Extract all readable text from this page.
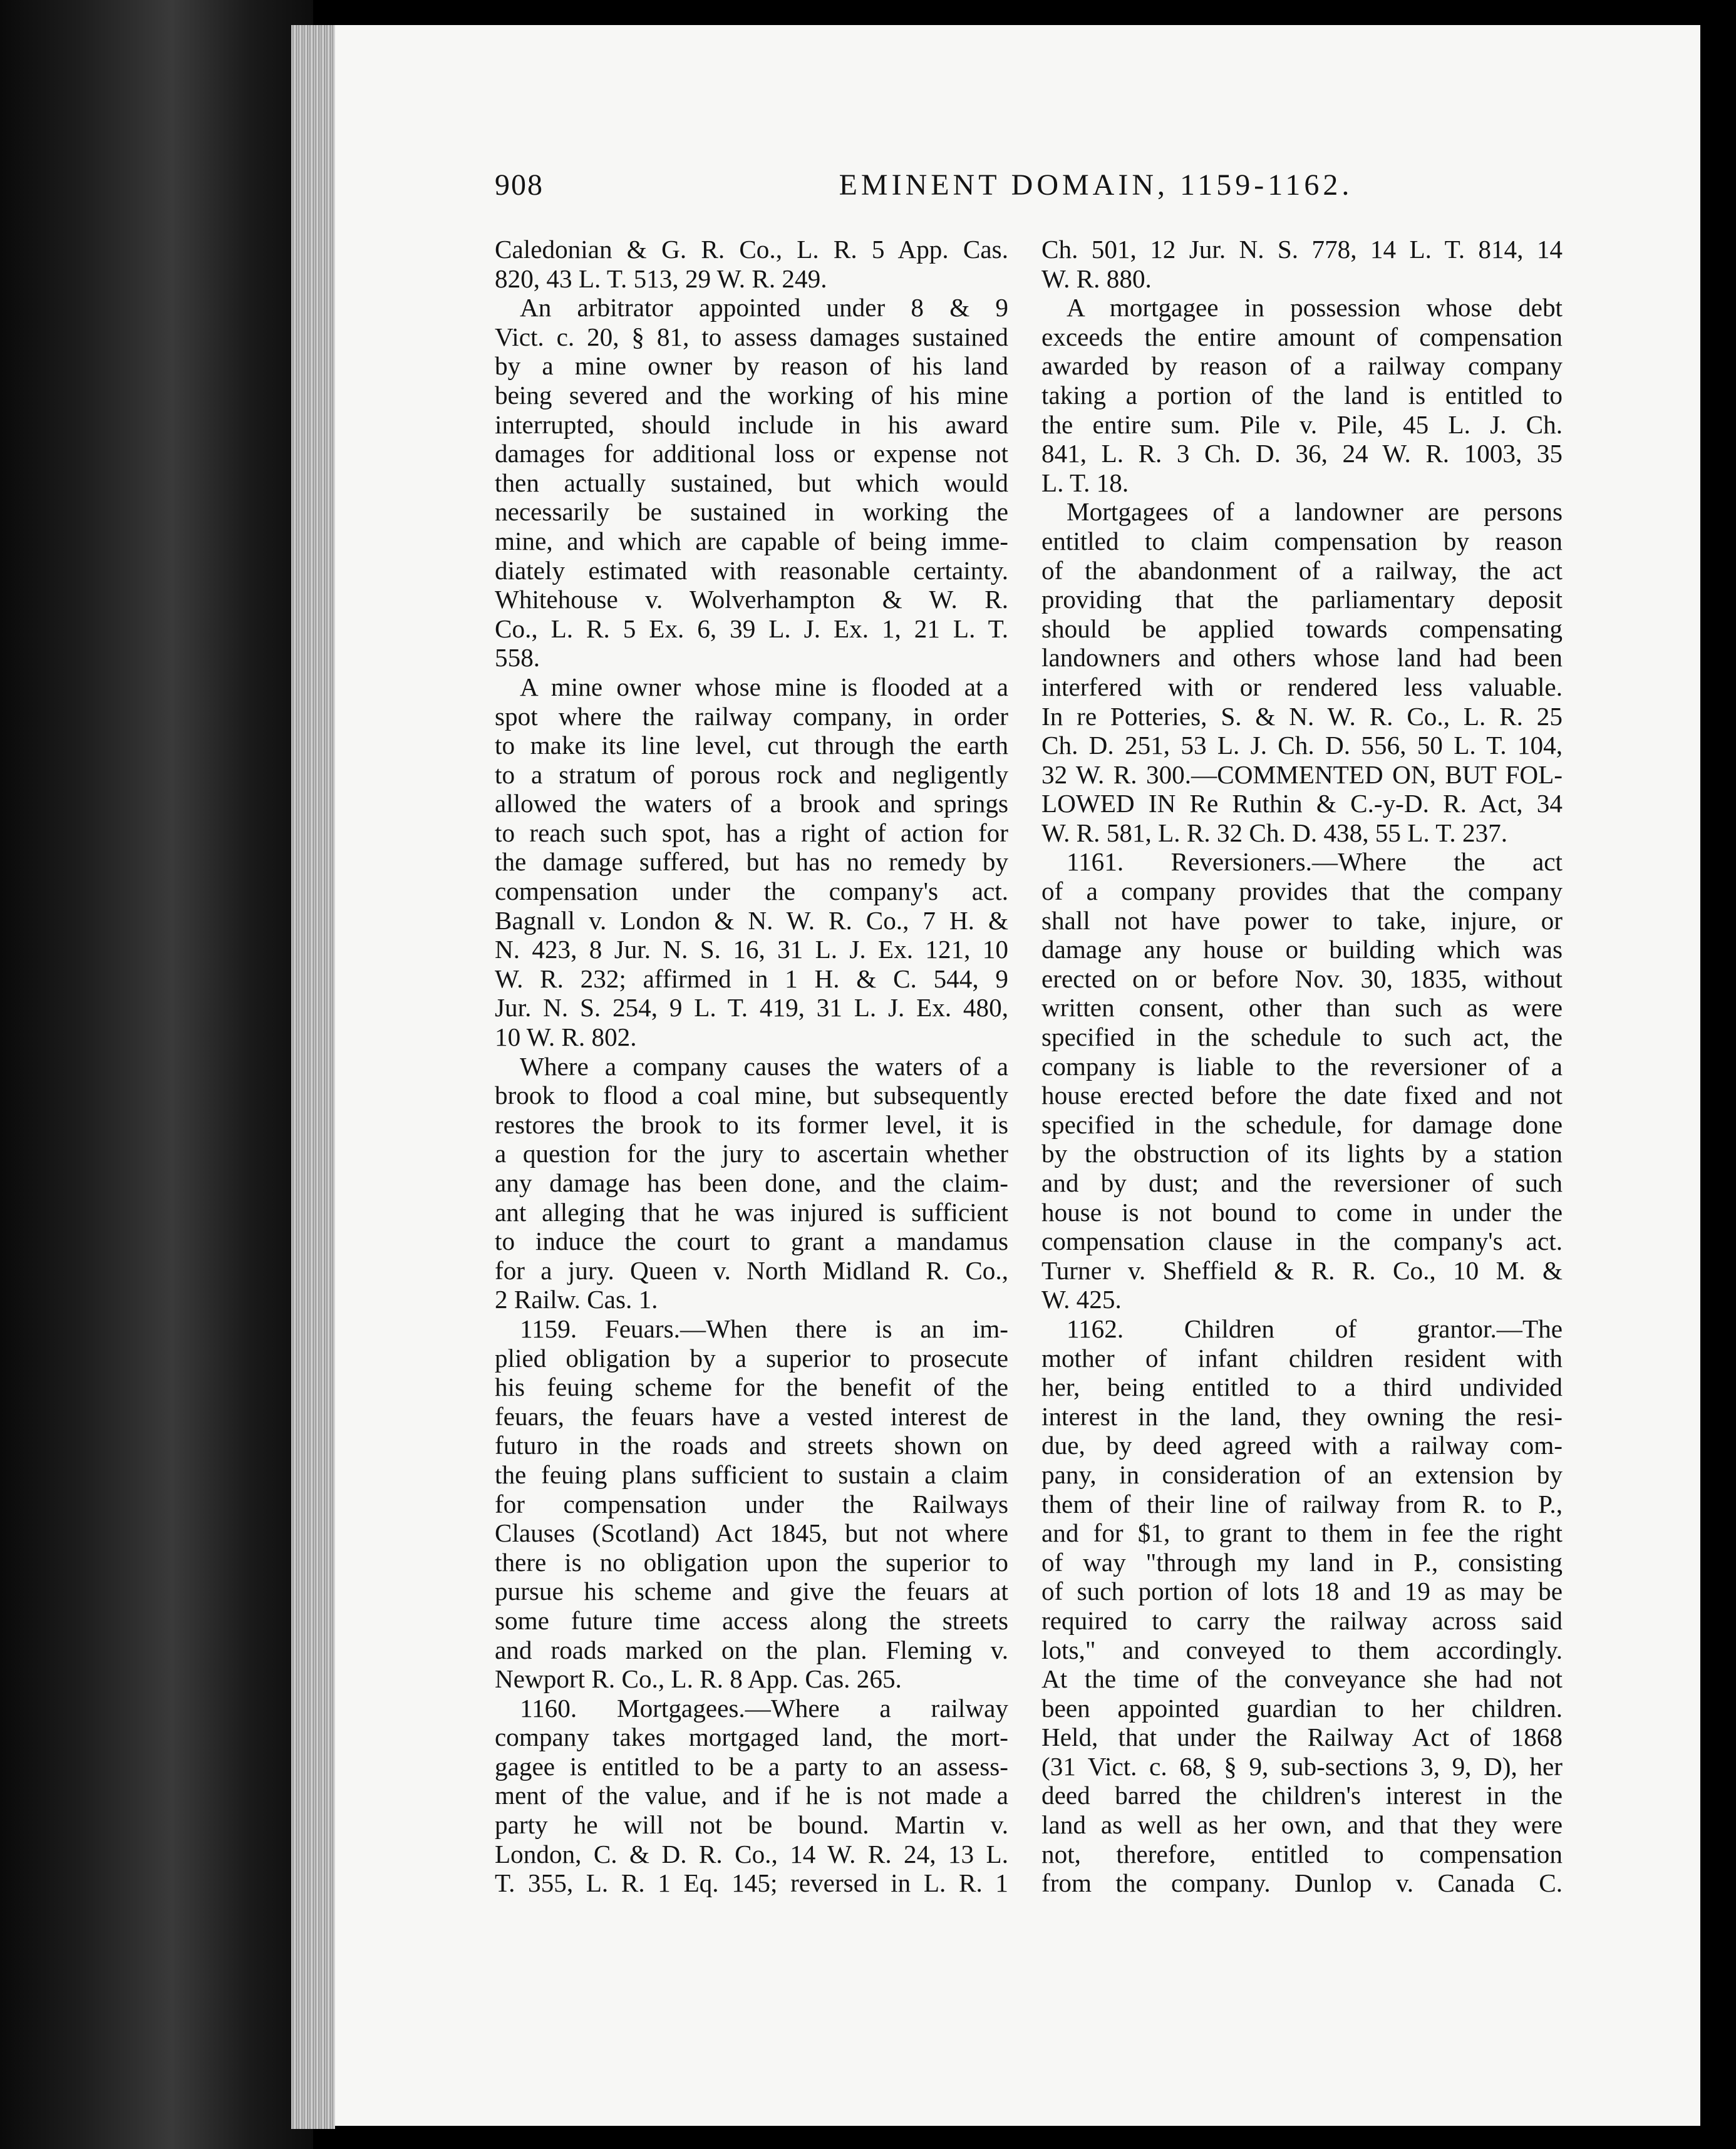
908	EMINENT DOMAIN, 1159-1162.
Caledonian & G. R. Co., L. R. 5 App. Cas.
820, 43 L. T. 513, 29 W. R. 249.
An arbitrator appointed under 8 & 9
Vict. c. 20, § 81, to assess damages sustained
by a mine owner by reason of his land
being severed and the working of his mine
interrupted, should include in his award
damages for additional loss or expense not
then actually sustained, but which would
necessarily be sustained in working the
mine, and which are capable of being imme-
diately estimated with reasonable certainty.
Whitehouse v. Wolverhampton & W. R.
Co., L. R. 5 Ex. 6, 39 L. J. Ex. 1, 21 L. T.
558.
A mine owner whose mine is flooded at a
spot where the railway company, in order
to make its line level, cut through the earth
to a stratum of porous rock and negligently
allowed the waters of a brook and springs
to reach such spot, has a right of action for
the damage suffered, but has no remedy by
compensation under the company's act.
Bagnall v. London & N. W. R. Co., 7 H. &
N. 423, 8 Jur. N. S. 16, 31 L. J. Ex. 121, 10
W. R. 232; affirmed in 1 H. & C. 544, 9
Jur. N. S. 254, 9 L. T. 419, 31 L. J. Ex. 480,
10 W. R. 802.
Where a company causes the waters of a
brook to flood a coal mine, but subsequently
restores the brook to its former level, it is
a question for the jury to ascertain whether
any damage has been done, and the claim-
ant alleging that he was injured is sufficient
to induce the court to grant a mandamus
for a jury. Queen v. North Midland R. Co.,
2 Railw. Cas. 1.
1159. Feuars.—When there is an im-
plied obligation by a superior to prosecute
his feuing scheme for the benefit of the
feuars, the feuars have a vested interest de
futuro in the roads and streets shown on
the feuing plans sufficient to sustain a claim
for compensation under the Railways
Clauses (Scotland) Act 1845, but not where
there is no obligation upon the superior to
pursue his scheme and give the feuars at
some future time access along the streets
and roads marked on the plan. Fleming v.
Newport R. Co., L. R. 8 App. Cas. 265.
1160. Mortgagees.—Where a railway
company takes mortgaged land, the mort-
gagee is entitled to be a party to an assess-
ment of the value, and if he is not made a
party he will not be bound. Martin v.
London, C. & D. R. Co., 14 W. R. 24, 13 L.
T. 355, L. R. 1 Eq. 145; reversed in L. R. 1
Ch. 501, 12 Jur. N. S. 778, 14 L. T. 814, 14
W. R. 880.
A mortgagee in possession whose debt
exceeds the entire amount of compensation
awarded by reason of a railway company
taking a portion of the land is entitled to
the entire sum. Pile v. Pile, 45 L. J. Ch.
841, L. R. 3 Ch. D. 36, 24 W. R. 1003, 35
L. T. 18.
Mortgagees of a landowner are persons
entitled to claim compensation by reason
of the abandonment of a railway, the act
providing that the parliamentary deposit
should be applied towards compensating
landowners and others whose land had been
interfered with or rendered less valuable.
In re Potteries, S. & N. W. R. Co., L. R. 25
Ch. D. 251, 53 L. J. Ch. D. 556, 50 L. T. 104,
32 W. R. 300.—COMMENTED ON, BUT FOL-
LOWED IN Re Ruthin & C.-y-D. R. Act, 34
W. R. 581, L. R. 32 Ch. D. 438, 55 L. T. 237.
1161. Reversioners.—Where the act
of a company provides that the company
shall not have power to take, injure, or
damage any house or building which was
erected on or before Nov. 30, 1835, without
written consent, other than such as were
specified in the schedule to such act, the
company is liable to the reversioner of a
house erected before the date fixed and not
specified in the schedule, for damage done
by the obstruction of its lights by a station
and by dust; and the reversioner of such
house is not bound to come in under the
compensation clause in the company's act.
Turner v. Sheffield & R. R. Co., 10 M. &
W. 425.
1162. Children of grantor.—The
mother of infant children resident with
her, being entitled to a third undivided
interest in the land, they owning the resi-
due, by deed agreed with a railway com-
pany, in consideration of an extension by
them of their line of railway from R. to P.,
and for $1, to grant to them in fee the right
of way "through my land in P., consisting
of such portion of lots 18 and 19 as may be
required to carry the railway across said
lots," and conveyed to them accordingly.
At the time of the conveyance she had not
been appointed guardian to her children.
Held, that under the Railway Act of 1868
(31 Vict. c. 68, § 9, sub-sections 3, 9, D), her
deed barred the children's interest in the
land as well as her own, and that they were
not, therefore, entitled to compensation
from the company. Dunlop v. Canada C.
